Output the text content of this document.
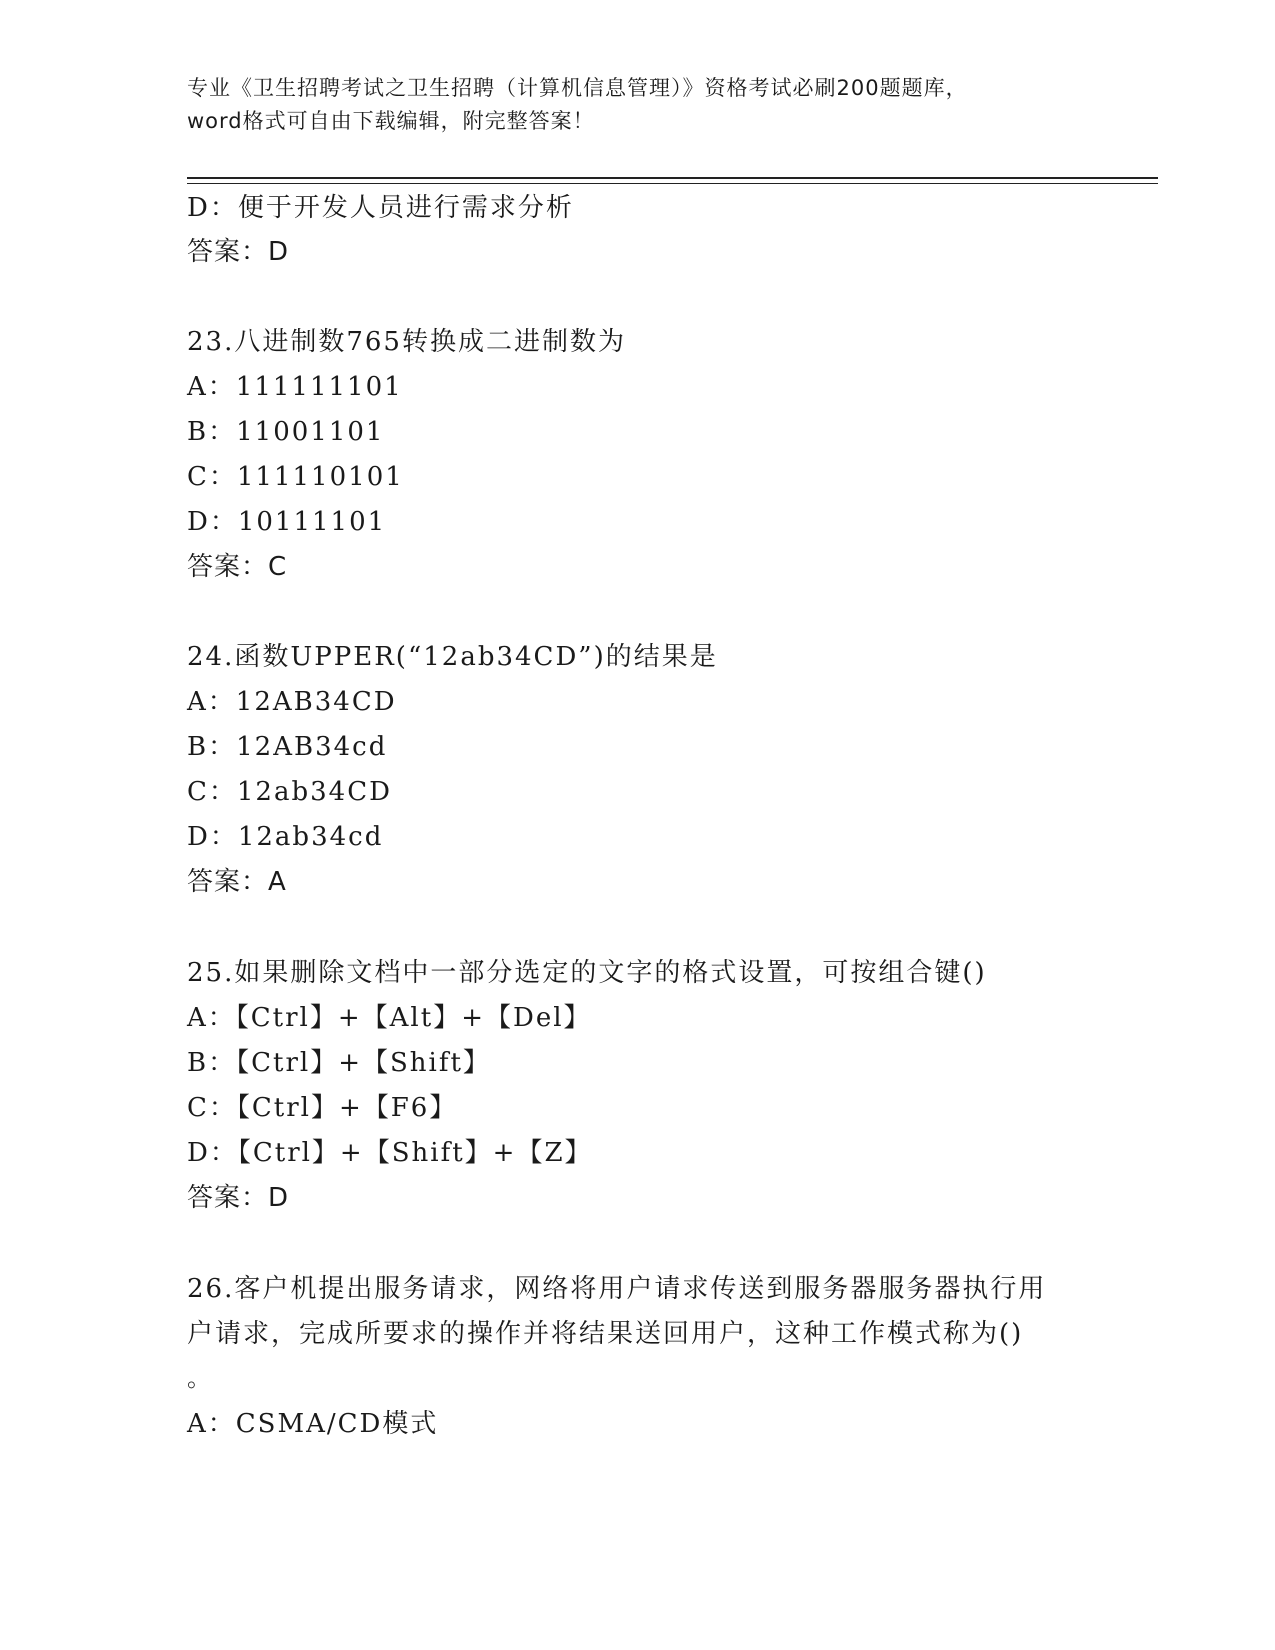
专业《卫生招聘考试之卫生招聘（计算机信息管理）》资格考试必刷200题题库，
word格式可自由下载编辑，附完整答案！
D：便于开发人员进行需求分析
答案：D
23.八进制数765转换成二进制数为
A：111111101
B：11001101
C：111110101
D：10111101
答案：C
24.函数UPPER(“12ab34CD”)的结果是
A：12AB34CD
B：12AB34cd
C：12ab34CD
D：12ab34cd
答案：A
25.如果删除文档中一部分选定的文字的格式设置，可按组合键()
A：【Ctrl】+【Alt】+【Del】
B：【Ctrl】+【Shift】
C：【Ctrl】+【F6】
D：【Ctrl】+【Shift】+【Z】
答案：D
26.客户机提出服务请求，网络将用户请求传送到服务器服务器执行用
户请求，完成所要求的操作并将结果送回用户，这种工作模式称为()
。
A：CSMA/CD模式
